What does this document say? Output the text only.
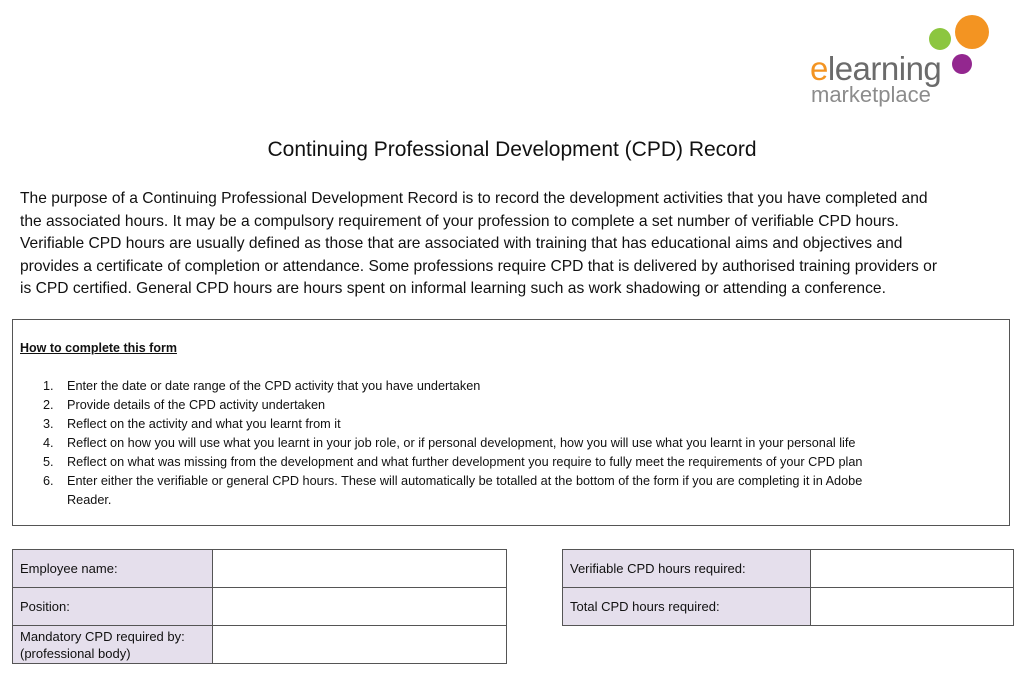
elearning
marketplace
Continuing Professional Development (CPD) Record
The purpose of a Continuing Professional Development Record is to record the development activities that you have completed and
the associated hours. It may be a compulsory requirement of your profession to complete a set number of verifiable CPD hours.
Verifiable CPD hours are usually defined as those that are associated with training that has educational aims and objectives and
provides a certificate of completion or attendance. Some professions require CPD that is delivered by authorised training providers or
is CPD certified. General CPD hours are hours spent on informal learning such as work shadowing or attending a conference.
How to complete this form
1. Enter the date or date range of the CPD activity that you have undertaken
2. Provide details of the CPD activity undertaken
3. Reflect on the activity and what you learnt from it
4. Reflect on how you will use what you learnt in your job role, or if personal development, how you will use what you learnt in your personal life
5. Reflect on what was missing from the development and what further development you require to fully meet the requirements of your CPD plan
6. Enter either the verifiable or general CPD hours. These will automatically be totalled at the bottom of the form if you are completing it in Adobe
Reader.
Employee name:	
Position:	

Mandatory CPD required by:
(professional body)	

Verifiable CPD hours required:	
Total CPD hours required:	
